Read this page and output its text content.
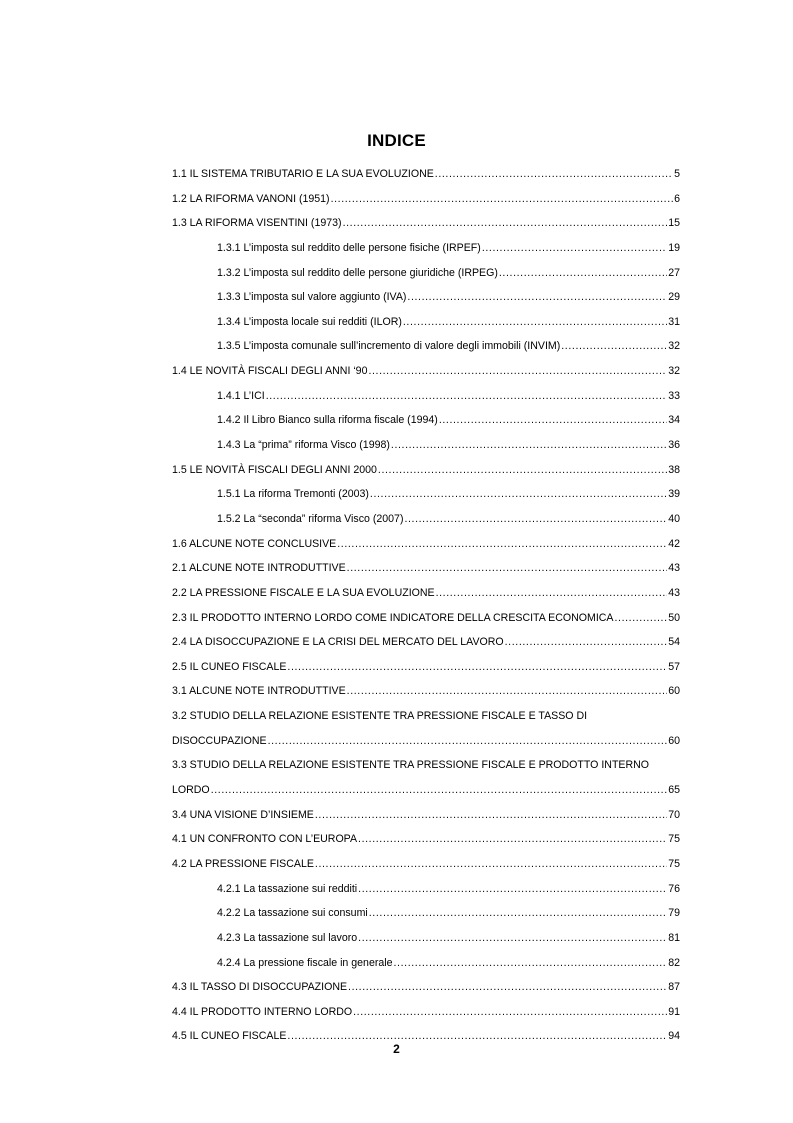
INDICE
1.1 IL SISTEMA TRIBUTARIO E LA SUA EVOLUZIONE .....	5
1.2 LA RIFORMA VANONI (1951) .....	6
1.3 LA RIFORMA VISENTINI (1973) .....	15
1.3.1 L’imposta sul reddito delle persone fisiche (IRPEF) .....	19
1.3.2 L’imposta sul reddito delle persone giuridiche (IRPEG) .....	27
1.3.3 L’imposta sul valore aggiunto (IVA) .....	29
1.3.4 L’imposta locale sui redditi (ILOR) .....	31
1.3.5 L’imposta comunale sull’incremento di valore degli immobili (INVIM) .....	32
1.4 LE NOVITÀ FISCALI DEGLI ANNI ‘90 .....	32
1.4.1 L’ICI .....	33
1.4.2 Il Libro Bianco sulla riforma fiscale (1994) .....	34
1.4.3 La “prima” riforma Visco (1998) .....	36
1.5 LE NOVITÀ FISCALI DEGLI ANNI 2000 .....	38
1.5.1 La riforma Tremonti (2003) .....	39
1.5.2 La “seconda” riforma Visco (2007) .....	40
1.6 ALCUNE NOTE CONCLUSIVE .....	42
2.1 ALCUNE NOTE INTRODUTTIVE .....	43
2.2 LA PRESSIONE FISCALE E LA SUA EVOLUZIONE .....	43
2.3 IL PRODOTTO INTERNO LORDO COME INDICATORE DELLA CRESCITA ECONOMICA .....	50
2.4 LA DISOCCUPAZIONE E LA CRISI DEL MERCATO DEL LAVORO .....	54
2.5 IL CUNEO FISCALE .....	57
3.1 ALCUNE NOTE INTRODUTTIVE .....	60
3.2 STUDIO DELLA RELAZIONE ESISTENTE TRA PRESSIONE FISCALE E TASSO DI
DISOCCUPAZIONE .....	60
3.3 STUDIO DELLA RELAZIONE ESISTENTE TRA PRESSIONE FISCALE E PRODOTTO INTERNO
LORDO .....	65
3.4 UNA VISIONE D’INSIEME .....	70
4.1 UN CONFRONTO CON L’EUROPA .....	75
4.2 LA PRESSIONE FISCALE .....	75
4.2.1 La tassazione sui redditi .....	76
4.2.2 La tassazione sui consumi .....	79
4.2.3 La tassazione sul lavoro .....	81
4.2.4 La pressione fiscale in generale .....	82
4.3 IL TASSO DI DISOCCUPAZIONE .....	87
4.4 IL PRODOTTO INTERNO LORDO .....	91
4.5 IL CUNEO FISCALE .....	94
2
